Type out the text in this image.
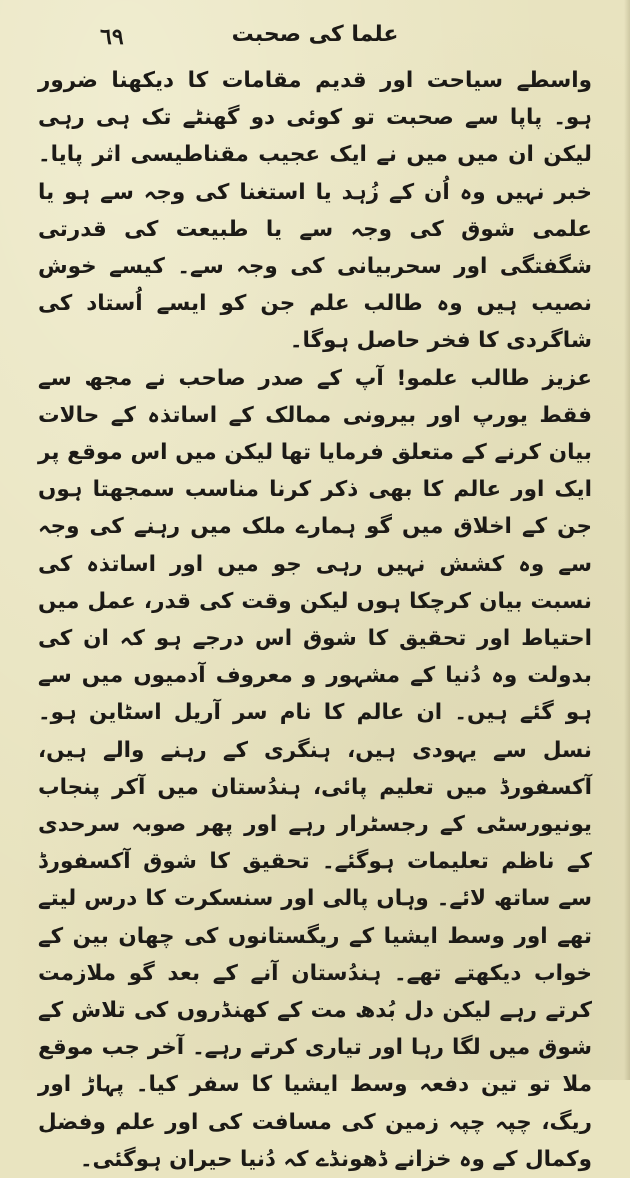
٦٩	علما کی صحبت

واسطے سیاحت اور قدیم مقامات کا دیکھنا ضرور ہو۔ پاپا سے صحبت تو کوئی دو گھنٹے تک ہی رہی لیکن ان میں میں نے ایک عجیب مقناطیسی اثر پایا۔ خبر نہیں وہ اُن کے زُہد یا استغنا کی وجہ سے ہو یا علمی شوق کی وجہ سے یا طبیعت کی قدرتی شگفتگی اور سحربیانی کی وجہ سے۔ کیسے خوش نصیب ہیں وہ طالب علم جن کو ایسے اُستاد کی شاگردی کا فخر حاصل ہوگا۔

عزیز طالب علمو! آپ کے صدر صاحب نے مجھ سے فقط یورپ اور بیرونی ممالک کے اساتذہ کے حالات بیان کرنے کے متعلق فرمایا تھا لیکن میں اس موقع پر ایک اور عالم کا بھی ذکر کرنا مناسب سمجھتا ہوں جن کے اخلاق میں گو ہمارے ملک میں رہنے کی وجہ سے وہ کشش نہیں رہی جو میں اور اساتذہ کی نسبت بیان کرچکا ہوں لیکن وقت کی قدر، عمل میں احتیاط اور تحقیق کا شوق اس درجے ہو کہ ان کی بدولت وہ دُنیا کے مشہور و معروف آدمیوں میں سے ہو گئے ہیں۔ ان عالم کا نام سر آریل اسٹاین ہو۔ نسل سے یہودی ہیں، ہنگری کے رہنے والے ہیں، آکسفورڈ میں تعلیم پائی، ہندُستان میں آکر پنجاب یونیورسٹی کے رجسٹرار رہے اور پھر صوبہ سرحدی کے ناظم تعلیمات ہوگئے۔ تحقیق کا شوق آکسفورڈ سے ساتھ لائے۔ وہاں پالی اور سنسکرت کا درس لیتے تھے اور وسط ایشیا کے ریگستانوں کی چھان بین کے خواب دیکھتے تھے۔ ہندُستان آنے کے بعد گو ملازمت کرتے رہے لیکن دل بُدھ مت کے کھنڈروں کی تلاش کے شوق میں لگا رہا اور تیاری کرتے رہے۔ آخر جب موقع ملا تو تین دفعہ وسط ایشیا کا سفر کیا۔ پہاڑ اور ریگ، چپہ چپہ زمین کی مسافت کی اور علم وفضل وکمال کے وہ خزانے ڈھونڈے کہ دُنیا حیران ہوگئی۔
